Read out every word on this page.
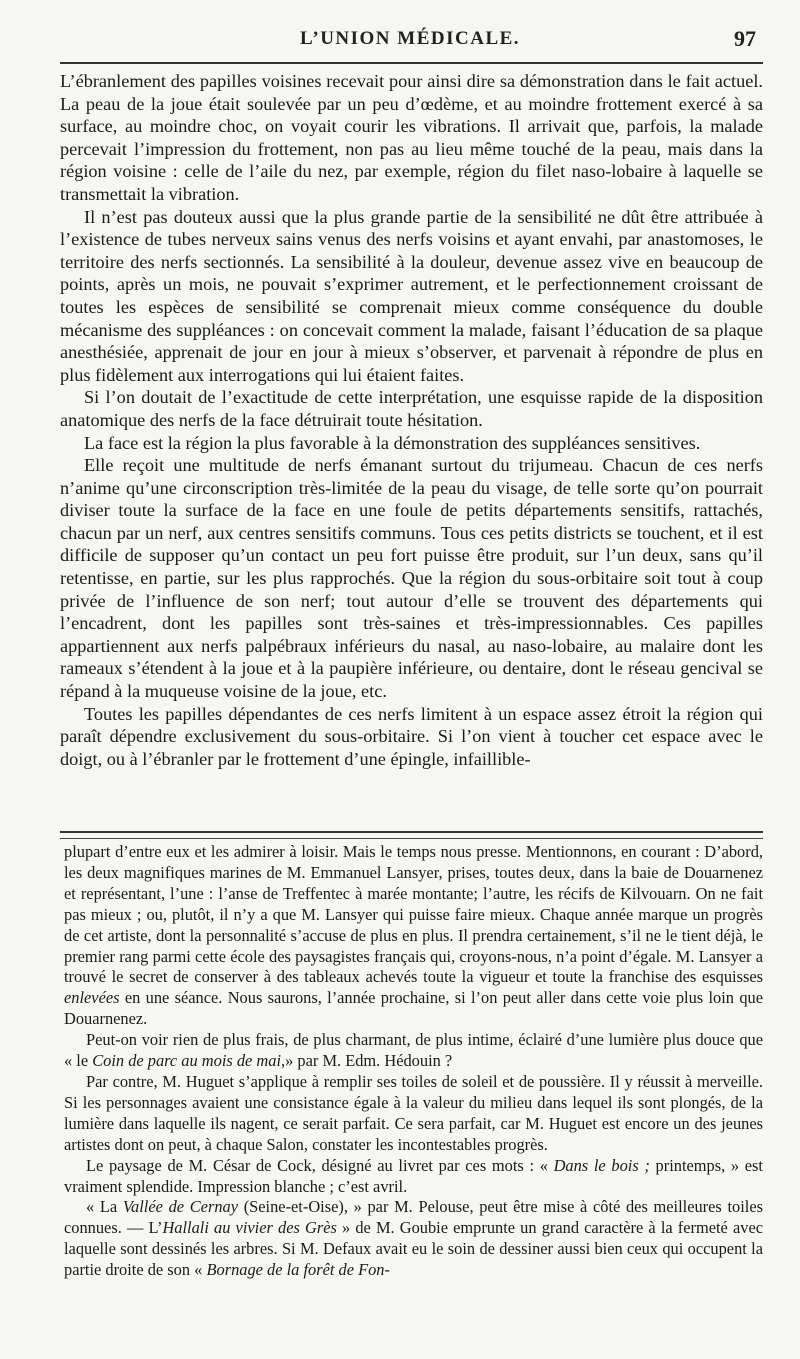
L’UNION MÉDICALE.	97

L’ébranlement des papilles voisines recevait pour ainsi dire sa démonstration dans le fait actuel. La peau de la joue était soulevée par un peu d’œdème, et au moindre frottement exercé à sa surface, au moindre choc, on voyait courir les vibrations. Il arrivait que, parfois, la malade percevait l’impression du frottement, non pas au lieu même touché de la peau, mais dans la région voisine : celle de l’aile du nez, par exemple, région du filet naso-lobaire à laquelle se transmettait la vibration.

Il n’est pas douteux aussi que la plus grande partie de la sensibilité ne dût être attribuée à l’existence de tubes nerveux sains venus des nerfs voisins et ayant envahi, par anastomoses, le territoire des nerfs sectionnés. La sensibilité à la douleur, devenue assez vive en beaucoup de points, après un mois, ne pouvait s’exprimer autrement, et le perfectionnement croissant de toutes les espèces de sensibilité se comprenait mieux comme conséquence du double mécanisme des suppléances : on concevait comment la malade, faisant l’éducation de sa plaque anesthésiée, apprenait de jour en jour à mieux s’observer, et parvenait à répondre de plus en plus fidèlement aux interrogations qui lui étaient faites.

Si l’on doutait de l’exactitude de cette interprétation, une esquisse rapide de la disposition anatomique des nerfs de la face détruirait toute hésitation.

La face est la région la plus favorable à la démonstration des suppléances sensitives.

Elle reçoit une multitude de nerfs émanant surtout du trijumeau. Chacun de ces nerfs n’anime qu’une circonscription très-limitée de la peau du visage, de telle sorte qu’on pourrait diviser toute la surface de la face en une foule de petits départements sensitifs, rattachés, chacun par un nerf, aux centres sensitifs communs. Tous ces petits districts se touchent, et il est difficile de supposer qu’un contact un peu fort puisse être produit, sur l’un deux, sans qu’il retentisse, en partie, sur les plus rapprochés. Que la région du sous-orbitaire soit tout à coup privée de l’influence de son nerf; tout autour d’elle se trouvent des départements qui l’encadrent, dont les papilles sont très-saines et très-impressionnables. Ces papilles appartiennent aux nerfs palpébraux inférieurs du nasal, au naso-lobaire, au malaire dont les rameaux s’étendent à la joue et à la paupière inférieure, ou dentaire, dont le réseau gencival se répand à la muqueuse voisine de la joue, etc.

Toutes les papilles dépendantes de ces nerfs limitent à un espace assez étroit la région qui paraît dépendre exclusivement du sous-orbitaire. Si l’on vient à toucher cet espace avec le doigt, ou à l’ébranler par le frottement d’une épingle, infaillible-

plupart d’entre eux et les admirer à loisir. Mais le temps nous presse. Mentionnons, en courant : D’abord, les deux magnifiques marines de M. Emmanuel Lansyer, prises, toutes deux, dans la baie de Douarnenez et représentant, l’une : l’anse de Treffentec à marée montante; l’autre, les récifs de Kilvouarn. On ne fait pas mieux ; ou, plutôt, il n’y a que M. Lansyer qui puisse faire mieux. Chaque année marque un progrès de cet artiste, dont la personnalité s’accuse de plus en plus. Il prendra certainement, s’il ne le tient déjà, le premier rang parmi cette école des paysagistes français qui, croyons-nous, n’a point d’égale. M. Lansyer a trouvé le secret de conserver à des tableaux achevés toute la vigueur et toute la franchise des esquisses enlevées en une séance. Nous saurons, l’année prochaine, si l’on peut aller dans cette voie plus loin que Douarnenez.

Peut-on voir rien de plus frais, de plus charmant, de plus intime, éclairé d’une lumière plus douce que « le Coin de parc au mois de mai,» par M. Edm. Hédouin ?

Par contre, M. Huguet s’applique à remplir ses toiles de soleil et de poussière. Il y réussit à merveille. Si les personnages avaient une consistance égale à la valeur du milieu dans lequel ils sont plongés, de la lumière dans laquelle ils nagent, ce serait parfait. Ce sera parfait, car M. Huguet est encore un des jeunes artistes dont on peut, à chaque Salon, constater les incontestables progrès.

Le paysage de M. César de Cock, désigné au livret par ces mots : « Dans le bois ; printemps, » est vraiment splendide. Impression blanche ; c’est avril.

« La Vallée de Cernay (Seine-et-Oise), » par M. Pelouse, peut être mise à côté des meilleures toiles connues. — L’Hallali au vivier des Grès » de M. Goubie emprunte un grand caractère à la fermeté avec laquelle sont dessinés les arbres. Si M. Defaux avait eu le soin de dessiner aussi bien ceux qui occupent la partie droite de son « Bornage de la forêt de Fon-
